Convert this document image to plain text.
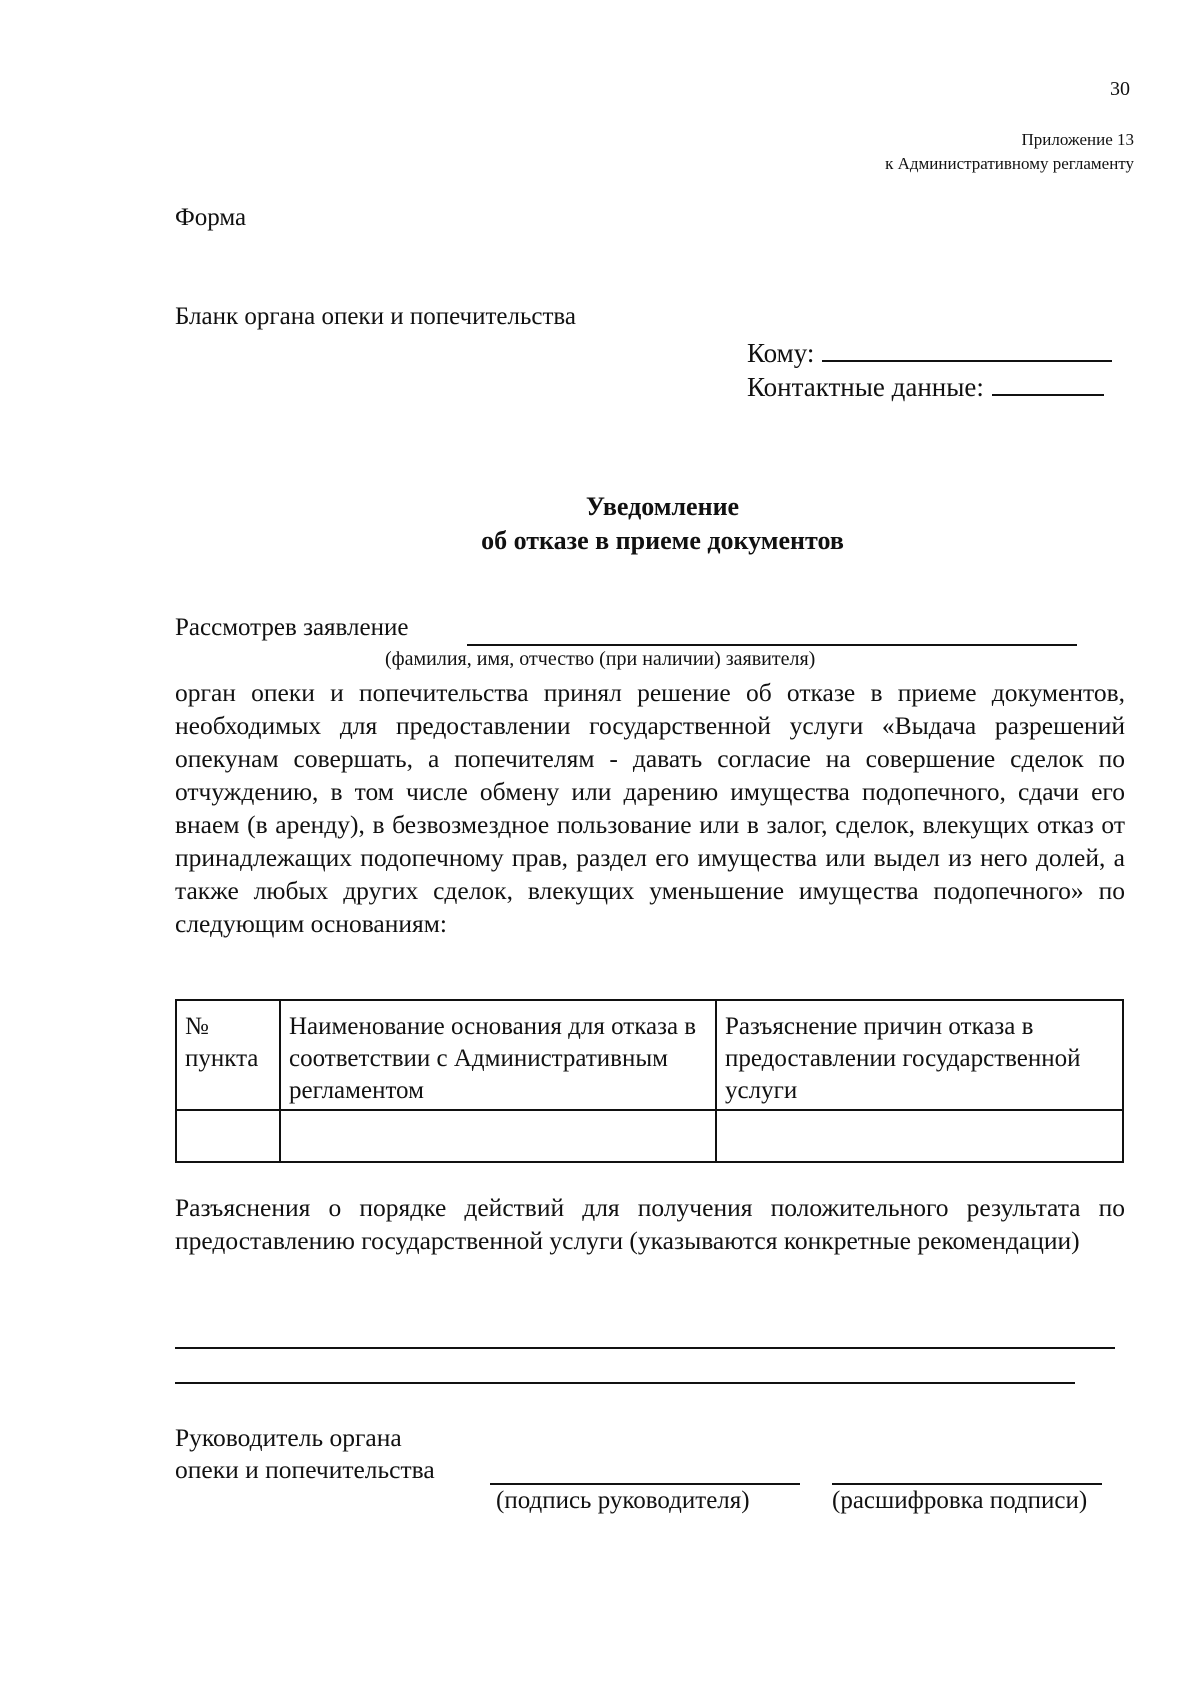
30
Приложение 13
к Административному регламенту
Форма
Бланк органа опеки и попечительства
Кому:
Контактные данные:
Уведомление
об отказе в приеме документов
Рассмотрев заявление
(фамилия, имя, отчество (при наличии) заявителя)
орган опеки и попечительства принял решение об отказе в приеме документов, необходимых для предоставлении государственной услуги «Выдача разрешений опекунам совершать, а попечителям - давать согласие на совершение сделок по отчуждению, в том числе обмену или дарению имущества подопечного, сдачи его внаем (в аренду), в безвозмездное пользование или в залог, сделок, влекущих отказ от принадлежащих подопечному прав, раздел его имущества или выдел из него долей, а также любых других сделок, влекущих уменьшение имущества подопечного» по следующим основаниям:
№ пункта	Наименование основания для отказа в соответствии с Административным регламентом	Разъяснение причин отказа в предоставлении государственной услуги

Разъяснения о порядке действий для получения положительного результата по предоставлению государственной услуги (указываются конкретные рекомендации)
Руководитель органа
опеки и попечительства
(подпись руководителя)	(расшифровка подписи)
